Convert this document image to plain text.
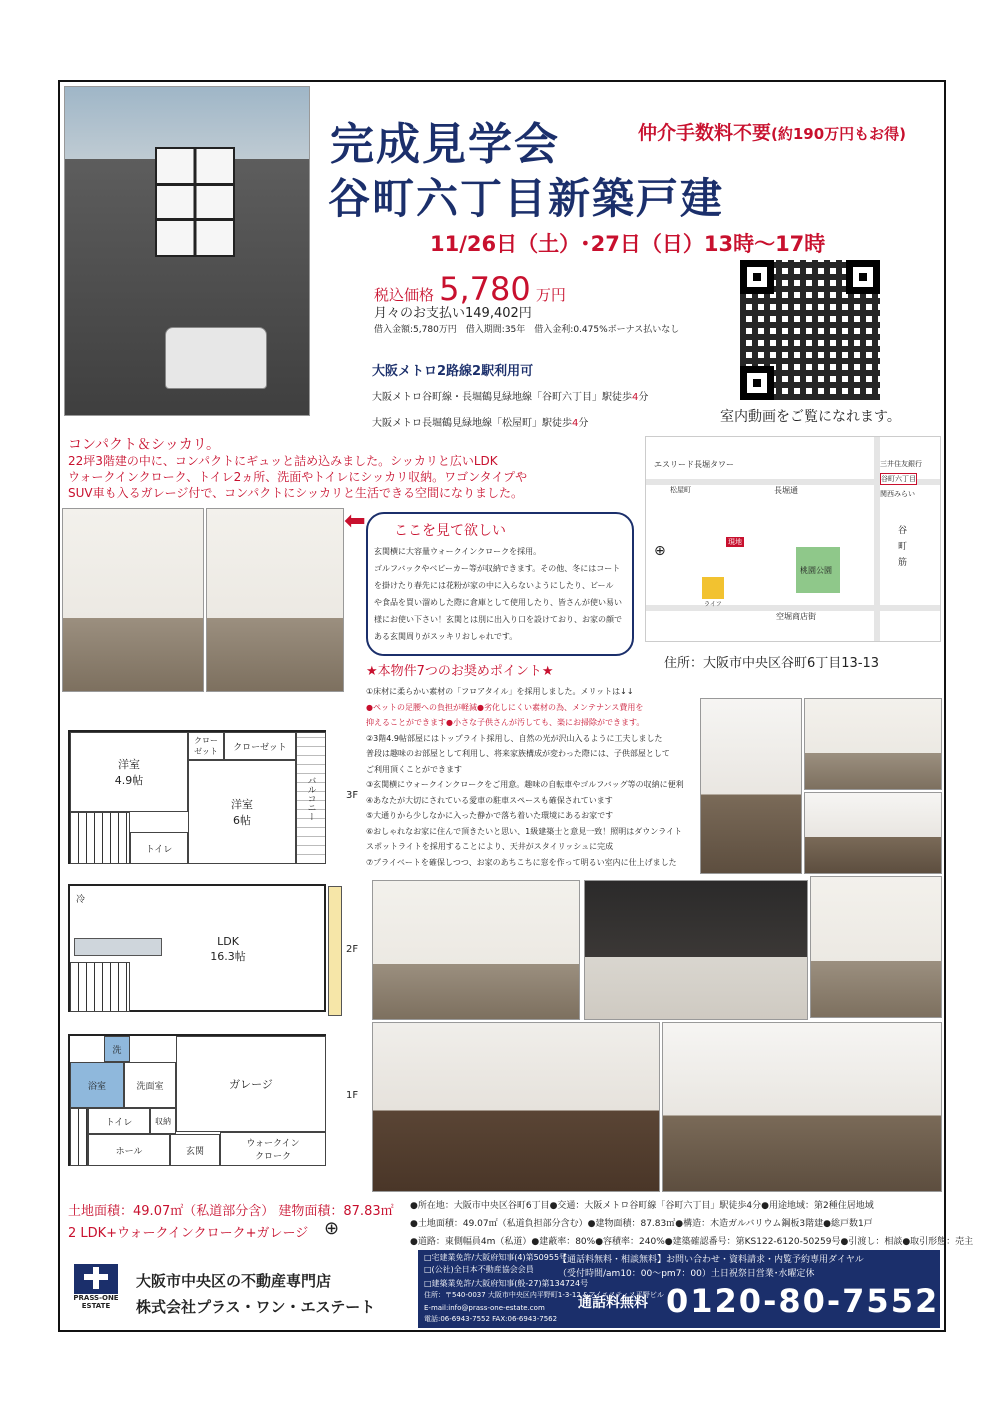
完成見学会	仲介手数料不要(約190万円もお得)
谷町六丁目新築戸建
11/26日（土）･27日（日）13時～17時
税込価格 5,780 万円
月々のお支払い149,402円
借入金額:5,780万円　借入期間:35年　借入金利:0.475%ボーナス払いなし
室内動画をご覧になれます。
大阪メトロ2路線2駅利用可
大阪メトロ谷町線・長堀鶴見緑地線「谷町六丁目」駅徒歩4分
大阪メトロ長堀鶴見緑地線「松屋町」駅徒歩4分
コンパクト＆シッカリ。
22坪3階建の中に、コンパクトにギュッと詰め込みました。シッカリと広いLDK
ウォークインクローク、トイレ2ヵ所、洗面やトイレにシッカリ収納。ワゴンタイプや
SUV車も入るガレージ付で、コンパクトにシッカリと生活できる空間になりました。
エスリード長堀タワー
長堀通
松屋町
谷町六丁目
三井住友銀行
関西みらい
桃園公園
空堀商店街
現地
ライフ
谷
町
筋
⊕
住所：大阪市中央区谷町6丁目13-13
⬅ ここを見て欲しい
玄関横に大容量ウォークインクロークを採用。
ゴルフバックやベビーカー等が収納できます。その他、冬にはコート
を掛けたり春先には花粉が家の中に入らないようにしたり、ビール
や食品を買い溜めした際に倉庫として使用したり、皆さんが使い易い
様にお使い下さい！玄関とは別に出入り口を設けており、お家の顔で
ある玄関周りがスッキリおしゃれです。
★本物件7つのお奨めポイント★
①床材に柔らかい素材の「フロアタイル」を採用しました。メリットは↓↓
●ペットの足腰への負担が軽減●劣化しにくい素材の為、メンテナンス費用を
抑えることができます●小さな子供さんが汚しても、楽にお掃除ができます。
②3階4.9帖部屋にはトップライト採用し、自然の光が沢山入るように工夫しました
普段は趣味のお部屋として利用し、将来家族構成が変わった際には、子供部屋として
ご利用頂くことができます
③玄関横にウォークインクロークをご用意。趣味の自転車やゴルフバッグ等の収納に便利
④あなたが大切にされている愛車の駐車スペースも確保されています
⑤大通りから少しなかに入った静かで落ち着いた環境にあるお家です
⑥おしゃれなお家に住んで頂きたいと思い、1級建築士と意見一致！照明はダウンライト
スポットライトを採用することにより、天井がスタイリッシュに完成
⑦プライベートを確保しつつ、お家のあちこちに窓を作って明るい室内に仕上げました
洋室
4.9帖
クロー
ゼット	クローゼット
洋室
6帖	バルコニー
トイレ
3F
冷
LDK
16.3帖	2F
洗
浴室	洗面室	ガレージ
トイレ	収納
ホール	玄関
ウォークイン
クローク
1F
土地面積：49.07㎡（私道部分含） 建物面積：87.83㎡
2 LDK+ウォークインクローク+ガレージ ⊕
●所在地：大阪市中央区谷町6丁目●交通：大阪メトロ谷町線「谷町六丁目」駅徒歩4分●用途地域：第2種住居地域
●土地面積：49.07㎡（私道負担部分含む）●建物面積：87.83㎡●構造：木造ガルバリウム鋼板3階建●総戸数1戸
●道路：東側幅員4m（私道）●建蔽率：80%●容積率：240%●建築確認番号：第KS122-6120-50259号●引渡し：相談●取引形態：売主
PRASS-ONE
ESTATE
大阪市中央区の不動産専門店
株式会社プラス・ワン・エステート
□宅建業免許/大阪府知事(4)第50955号
□(公社)全日本不動産協会会員
□建築業免許/大阪府知事(般-27)第134724号
住所：〒540-0037 大阪市中央区内平野町1-3-12 &アイエスティス平野ビル
E-mail:info@prass-one-estate.com
電話:06-6943-7552 FAX:06-6943-7562
【通話料無料・相談無料】お問い合わせ・資料請求・内覧予約専用ダイヤル
（受付時間/am10：00～pm7：00）土日祝祭日営業･水曜定休
通話料無料 0120-80-7552
